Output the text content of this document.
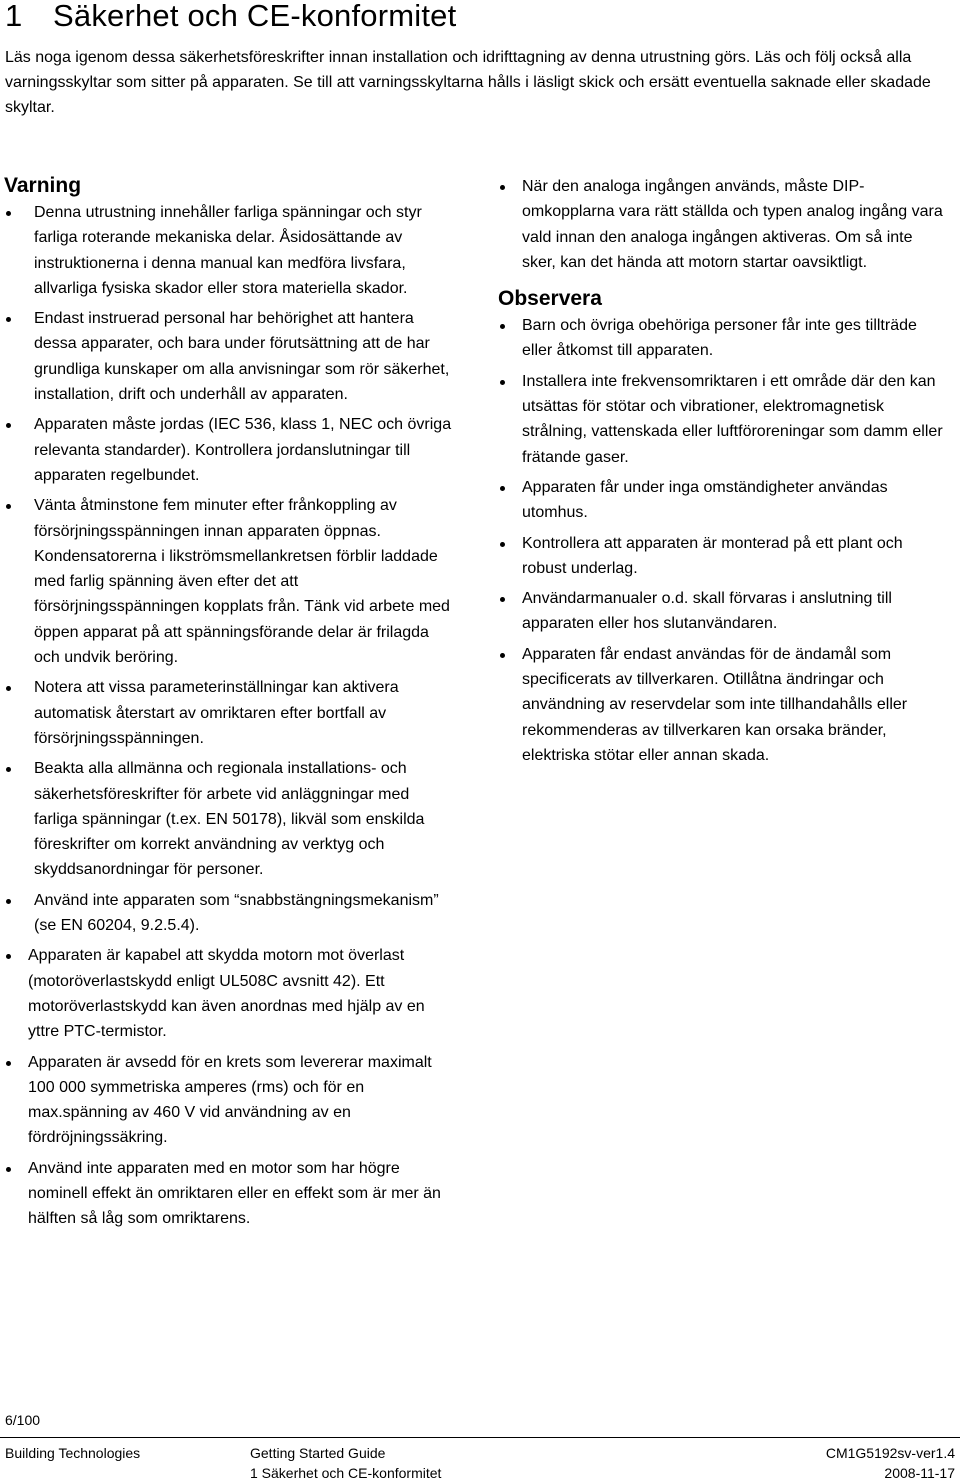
1 Säkerhet och CE-konformitet

Läs noga igenom dessa säkerhetsföreskrifter innan installation och idrifttagning av denna utrustning görs. Läs och följ också alla varningsskyltar som sitter på apparaten. Se till att varningsskyltarna hålls i läsligt skick och ersätt eventuella saknade eller skadade skyltar.

Varning
Denna utrustning innehåller farliga spänningar och styr farliga roterande mekaniska delar. Åsidosättande av instruktionerna i denna manual kan medföra livsfara, allvarliga fysiska skador eller stora materiella skador.
Endast instruerad personal har behörighet att hantera dessa apparater, och bara under förutsättning att de har grundliga kunskaper om alla anvisningar som rör säkerhet, installation, drift och underhåll av apparaten.
Apparaten måste jordas (IEC 536, klass 1, NEC och övriga relevanta standarder). Kontrollera jordanslutningar till apparaten regelbundet.
Vänta åtminstone fem minuter efter frånkoppling av försörjningsspänningen innan apparaten öppnas. Kondensatorerna i likströmsmellankretsen förblir laddade med farlig spänning även efter det att försörjningsspänningen kopplats från. Tänk vid arbete med öppen apparat på att spänningsförande delar är frilagda och undvik beröring.
Notera att vissa parameterinställningar kan aktivera automatisk återstart av omriktaren efter bortfall av försörjningsspänningen.
Beakta alla allmänna och regionala installations- och säkerhetsföreskrifter för arbete vid anläggningar med farliga spänningar (t.ex. EN 50178), likväl som enskilda föreskrifter om korrekt användning av verktyg och skyddsanordningar för personer.
Använd inte apparaten som “snabbstängningsmekanism” (se EN 60204, 9.2.5.4).
Apparaten är kapabel att skydda motorn mot överlast (motoröverlastskydd enligt UL508C avsnitt 42). Ett motoröverlastskydd kan även anordnas med hjälp av en yttre PTC-termistor.
Apparaten är avsedd för en krets som levererar maximalt 100 000 symmetriska amperes (rms) och för en max.spänning av 460 V vid användning av en fördröjningssäkring.
Använd inte apparaten med en motor som har högre nominell effekt än omriktaren eller en effekt som är mer än hälften så låg som omriktarens.
När den analoga ingången används, måste DIP-omkopplarna vara rätt ställda och typen analog ingång vara vald innan den analoga ingången aktiveras. Om så inte sker, kan det hända att motorn startar oavsiktligt.
Observera
Barn och övriga obehöriga personer får inte ges tillträde eller åtkomst till apparaten.
Installera inte frekvensomriktaren i ett område där den kan utsättas för stötar och vibrationer, elektromagnetisk strålning, vattenskada eller luftföroreningar som damm eller frätande gaser.
Apparaten får under inga omständigheter användas utomhus.
Kontrollera att apparaten är monterad på ett plant och robust underlag.
Användarmanualer o.d. skall förvaras i anslutning till apparaten eller hos slutanvändaren.
Apparaten får endast användas för de ändamål som specificerats av tillverkaren. Otillåtna ändringar och användning av reservdelar som inte tillhandahålls eller rekommenderas av tillverkaren kan orsaka bränder, elektriska stötar eller annan skada.
6/100
Building Technologies	Getting Started Guide
1 Säkerhet och CE-konformitet
CM1G5192sv-ver1.4
2008-11-17
